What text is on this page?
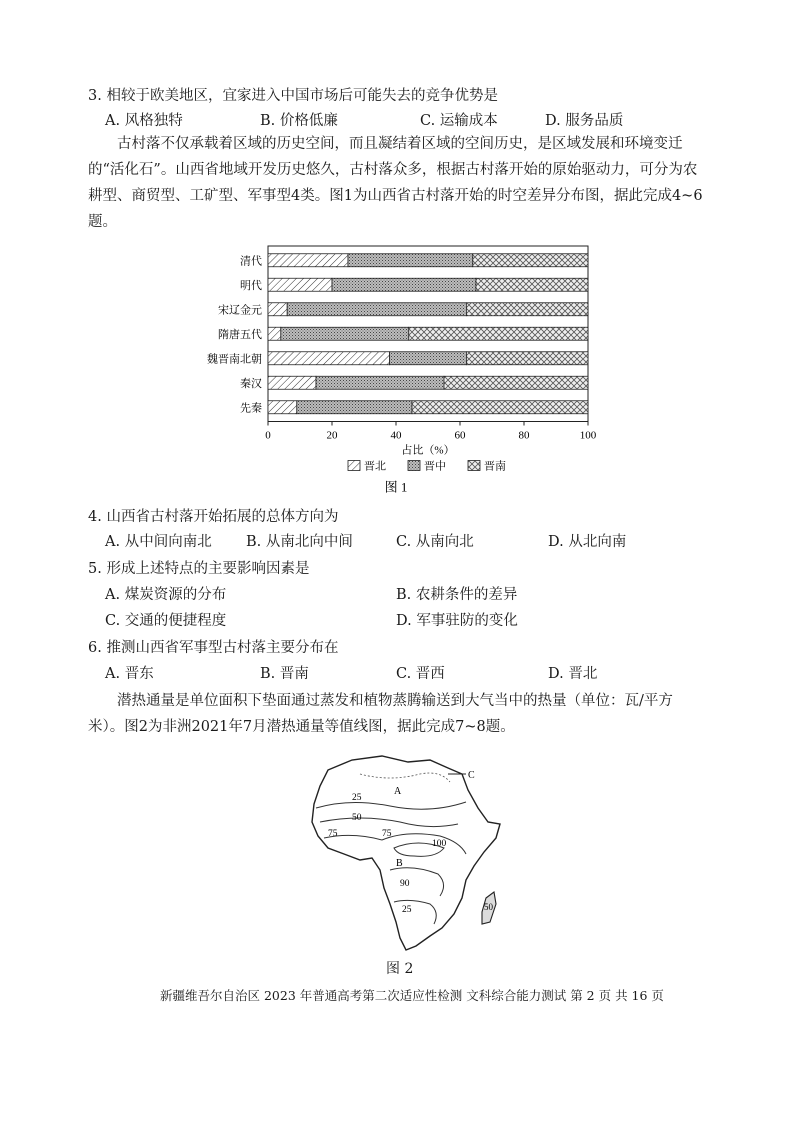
3. 相较于欧美地区，宜家进入中国市场后可能失去的竞争优势是
A. 风格独特	B. 价格低廉	C. 运输成本	D. 服务品质
古村落不仅承载着区域的历史空间，而且凝结着区域的空间历史，是区域发展和环境变迁的“活化石”。山西省地域开发历史悠久，古村落众多，根据古村落开始的原始驱动力，可分为农耕型、商贸型、工矿型、军事型4类。图1为山西省古村落开始的时空差异分布图，据此完成4~6题。
清代
明代
宋辽金元
隋唐五代
魏晋南北朝
秦汉
先秦
0	20	40	60	80	100
占比（%）
晋北	晋中	晋南
图 1
4. 山西省古村落开始拓展的总体方向为
A. 从中间向南北 B. 从南北向中间	C. 从南向北	D. 从北向南
5. 形成上述特点的主要影响因素是
A. 煤炭资源的分布	B. 农耕条件的差异
C. 交通的便捷程度	D. 军事驻防的变化
6. 推测山西省军事型古村落主要分布在
A. 晋东	B. 晋南	C. 晋西	D. 晋北
潜热通量是单位面积下垫面通过蒸发和植物蒸腾输送到大气当中的热量（单位：瓦/平方米）。图2为非洲2021年7月潜热通量等值线图，据此完成7~8题。
A
B
C
25
50
75	75
100
90
25	50
图 2
新疆维吾尔自治区 2023 年普通高考第二次适应性检测 文科综合能力测试 第 2 页 共 16 页
